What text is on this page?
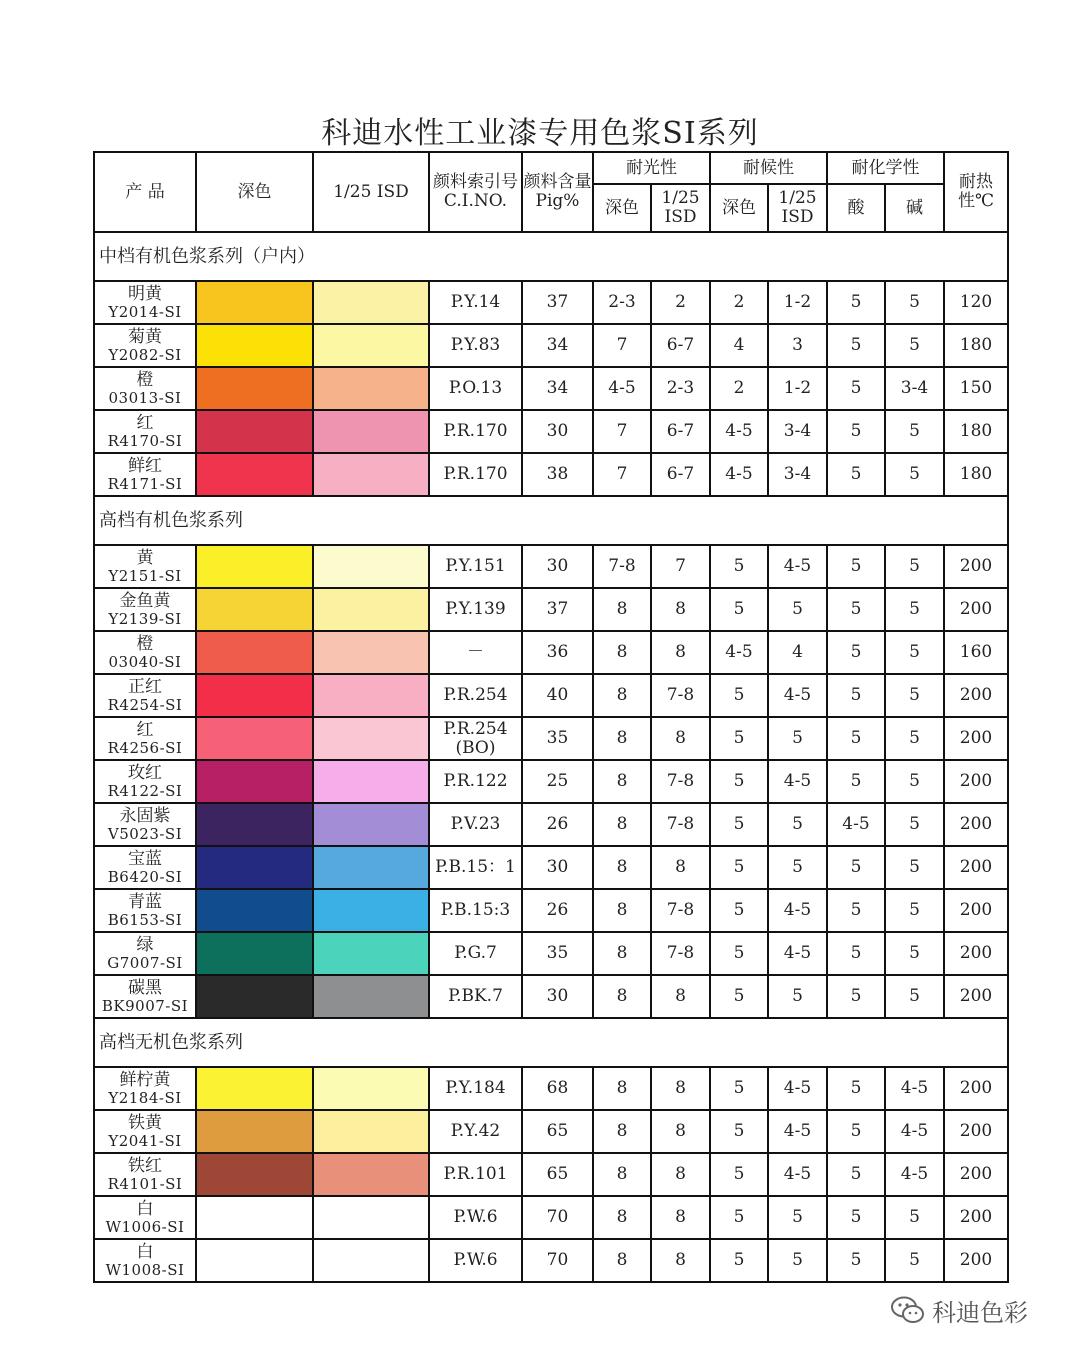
科迪水性工业漆专用色浆SI系列
产 品	深色	1/25 ISD	颜料索引号C.I.NO.	颜料含量Pig%	耐光性		耐候性		耐化学性		耐热性℃
					深色	1/25 ISD	深色	1/25 ISD	酸	碱	
中档有机色浆系列（户内）											

明黄
Y2014-SI			P.Y.14	37	2-3	2	2	1-2	5	5	120

菊黄
Y2082-SI			P.Y.83	34	7	6-7	4	3	5	5	180

橙
03013-SI			P.O.13	34	4-5	2-3	2	1-2	5	3-4	150

红
R4170-SI			P.R.170	30	7	6-7	4-5	3-4	5	5	180

鲜红
R4171-SI			P.R.170	38	7	6-7	4-5	3-4	5	5	180
高档有机色浆系列											

黄
Y2151-SI			P.Y.151	30	7-8	7	5	4-5	5	5	200

金鱼黄
Y2139-SI			P.Y.139	37	8	8	5	5	5	5	200

橙
03040-SI			－	36	8	8	4-5	4	5	5	160

正红
R4254-SI			P.R.254	40	8	7-8	5	4-5	5	5	200

红
R4256-SI			P.R.254 (BO)	35	8	8	5	5	5	5	200

玫红
R4122-SI			P.R.122	25	8	7-8	5	4-5	5	5	200

永固紫
V5023-SI			P.V.23	26	8	7-8	5	5	4-5	5	200

宝蓝
B6420-SI			P.B.15：1	30	8	8	5	5	5	5	200

青蓝
B6153-SI			P.B.15:3	26	8	7-8	5	4-5	5	5	200

绿
G7007-SI			P.G.7	35	8	7-8	5	4-5	5	5	200

碳黑
BK9007-SI			P.BK.7	30	8	8	5	5	5	5	200
高档无机色浆系列											

鲜柠黄
Y2184-SI			P.Y.184	68	8	8	5	4-5	5	4-5	200

铁黄
Y2041-SI			P.Y.42	65	8	8	5	4-5	5	4-5	200

铁红
R4101-SI			P.R.101	65	8	8	5	4-5	5	4-5	200

白
W1006-SI			P.W.6	70	8	8	5	5	5	5	200

白
W1008-SI			P.W.6	70	8	8	5	5	5	5	200
科迪色彩
